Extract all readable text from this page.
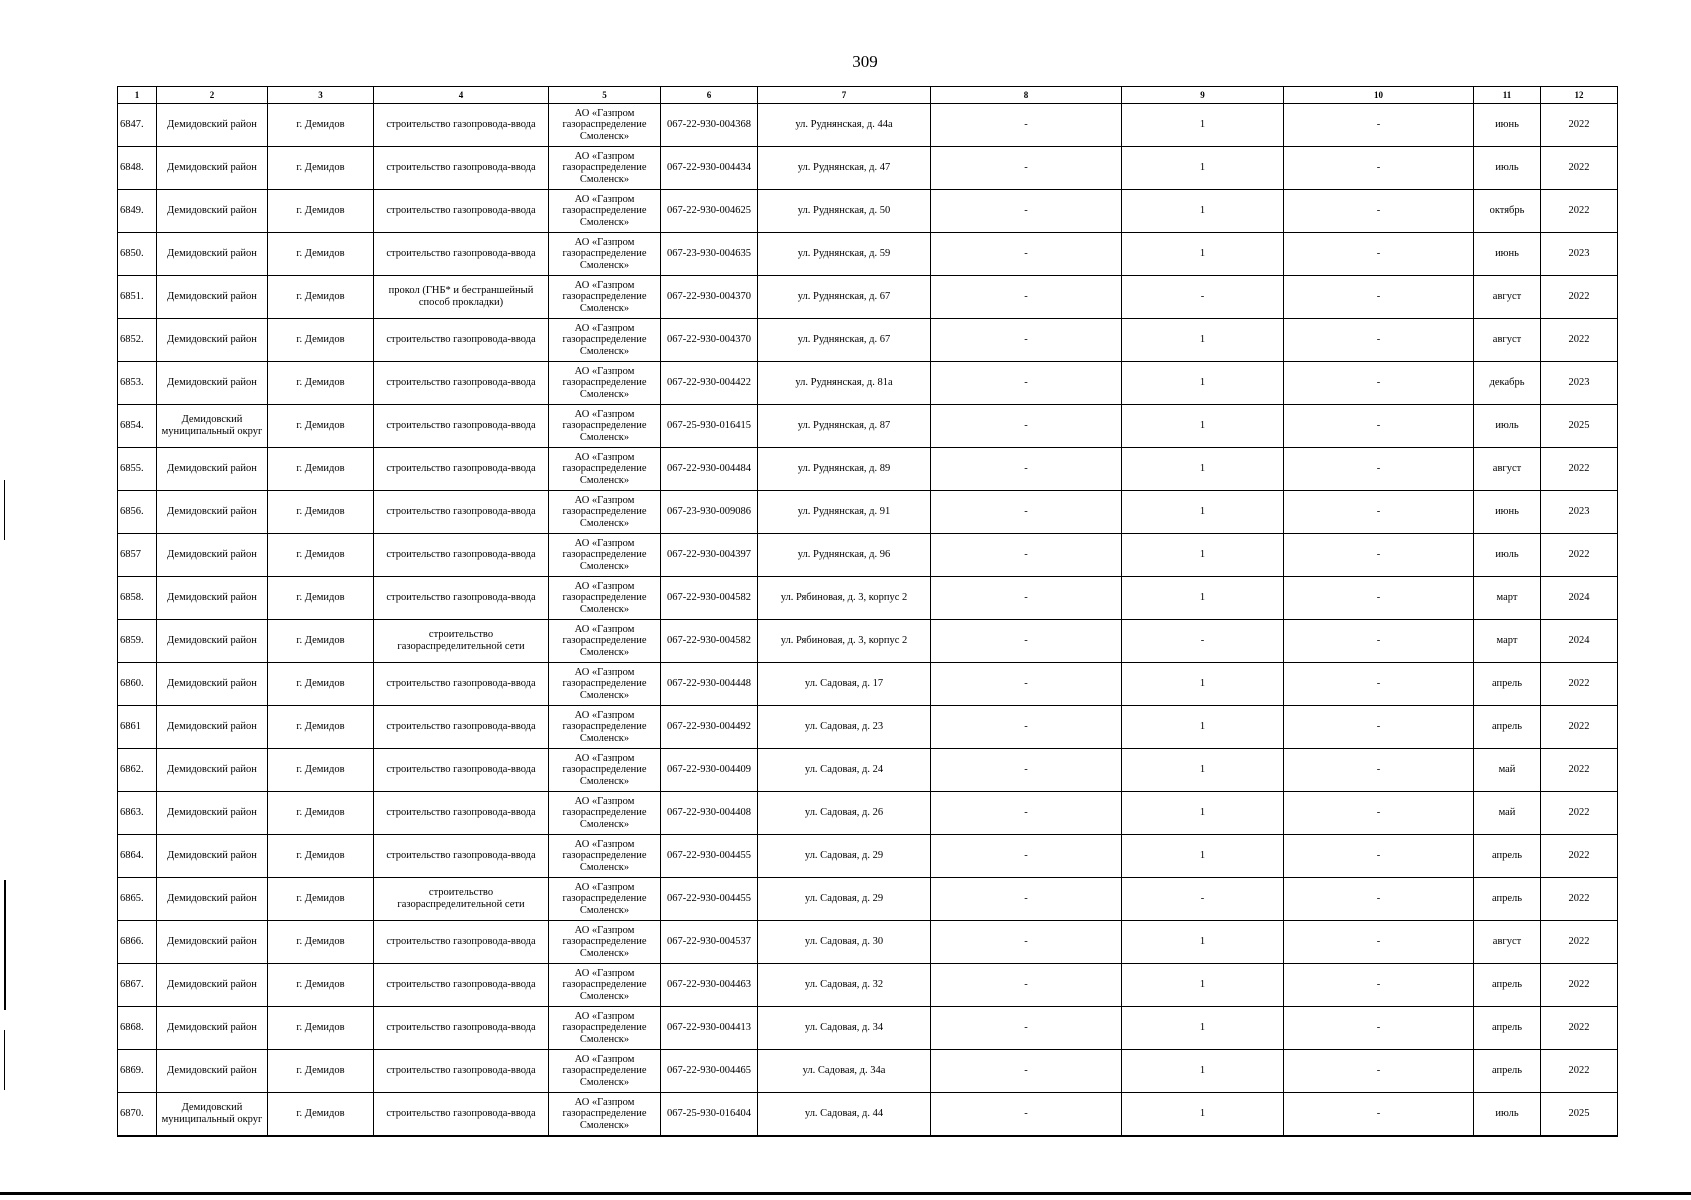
309
1	2	3	4	5	6	7	8	9	10	11	12
6847.	Демидовский район	г. Демидов	строительство газопровода-ввода	АО «Газпром газораспределение Смоленск»	067-22-930-004368	ул. Руднянская, д. 44а	-	1	-	июнь	2022
6848.	Демидовский район	г. Демидов	строительство газопровода-ввода	АО «Газпром газораспределение Смоленск»	067-22-930-004434	ул. Руднянская, д. 47	-	1	-	июль	2022
6849.	Демидовский район	г. Демидов	строительство газопровода-ввода	АО «Газпром газораспределение Смоленск»	067-22-930-004625	ул. Руднянская, д. 50	-	1	-	октябрь	2022
6850.	Демидовский район	г. Демидов	строительство газопровода-ввода	АО «Газпром газораспределение Смоленск»	067-23-930-004635	ул. Руднянская, д. 59	-	1	-	июнь	2023
6851.	Демидовский район	г. Демидов	прокол (ГНБ* и бестраншейный способ прокладки)	АО «Газпром газораспределение Смоленск»	067-22-930-004370	ул. Руднянская, д. 67	-	-	-	август	2022
6852.	Демидовский район	г. Демидов	строительство газопровода-ввода	АО «Газпром газораспределение Смоленск»	067-22-930-004370	ул. Руднянская, д. 67	-	1	-	август	2022
6853.	Демидовский район	г. Демидов	строительство газопровода-ввода	АО «Газпром газораспределение Смоленск»	067-22-930-004422	ул. Руднянская, д. 81а	-	1	-	декабрь	2023
6854.	Демидовский муниципальный округ	г. Демидов	строительство газопровода-ввода	АО «Газпром газораспределение Смоленск»	067-25-930-016415	ул. Руднянская, д. 87	-	1	-	июль	2025
6855.	Демидовский район	г. Демидов	строительство газопровода-ввода	АО «Газпром газораспределение Смоленск»	067-22-930-004484	ул. Руднянская, д. 89	-	1	-	август	2022
6856.	Демидовский район	г. Демидов	строительство газопровода-ввода	АО «Газпром газораспределение Смоленск»	067-23-930-009086	ул. Руднянская, д. 91	-	1	-	июнь	2023
6857	Демидовский район	г. Демидов	строительство газопровода-ввода	АО «Газпром газораспределение Смоленск»	067-22-930-004397	ул. Руднянская, д. 96	-	1	-	июль	2022
6858.	Демидовский район	г. Демидов	строительство газопровода-ввода	АО «Газпром газораспределение Смоленск»	067-22-930-004582	ул. Рябиновая, д. 3, корпус 2	-	1	-	март	2024
6859.	Демидовский район	г. Демидов	строительство газораспределительной сети	АО «Газпром газораспределение Смоленск»	067-22-930-004582	ул. Рябиновая, д. 3, корпус 2	-	-	-	март	2024
6860.	Демидовский район	г. Демидов	строительство газопровода-ввода	АО «Газпром газораспределение Смоленск»	067-22-930-004448	ул. Садовая, д. 17	-	1	-	апрель	2022
6861	Демидовский район	г. Демидов	строительство газопровода-ввода	АО «Газпром газораспределение Смоленск»	067-22-930-004492	ул. Садовая, д. 23	-	1	-	апрель	2022
6862.	Демидовский район	г. Демидов	строительство газопровода-ввода	АО «Газпром газораспределение Смоленск»	067-22-930-004409	ул. Садовая, д. 24	-	1	-	май	2022
6863.	Демидовский район	г. Демидов	строительство газопровода-ввода	АО «Газпром газораспределение Смоленск»	067-22-930-004408	ул. Садовая, д. 26	-	1	-	май	2022
6864.	Демидовский район	г. Демидов	строительство газопровода-ввода	АО «Газпром газораспределение Смоленск»	067-22-930-004455	ул. Садовая, д. 29	-	1	-	апрель	2022
6865.	Демидовский район	г. Демидов	строительство газораспределительной сети	АО «Газпром газораспределение Смоленск»	067-22-930-004455	ул. Садовая, д. 29	-	-	-	апрель	2022
6866.	Демидовский район	г. Демидов	строительство газопровода-ввода	АО «Газпром газораспределение Смоленск»	067-22-930-004537	ул. Садовая, д. 30	-	1	-	август	2022
6867.	Демидовский район	г. Демидов	строительство газопровода-ввода	АО «Газпром газораспределение Смоленск»	067-22-930-004463	ул. Садовая, д. 32	-	1	-	апрель	2022
6868.	Демидовский район	г. Демидов	строительство газопровода-ввода	АО «Газпром газораспределение Смоленск»	067-22-930-004413	ул. Садовая, д. 34	-	1	-	апрель	2022
6869.	Демидовский район	г. Демидов	строительство газопровода-ввода	АО «Газпром газораспределение Смоленск»	067-22-930-004465	ул. Садовая, д. 34а	-	1	-	апрель	2022
6870.	Демидовский муниципальный округ	г. Демидов	строительство газопровода-ввода	АО «Газпром газораспределение Смоленск»	067-25-930-016404	ул. Садовая, д. 44	-	1	-	июль	2025
